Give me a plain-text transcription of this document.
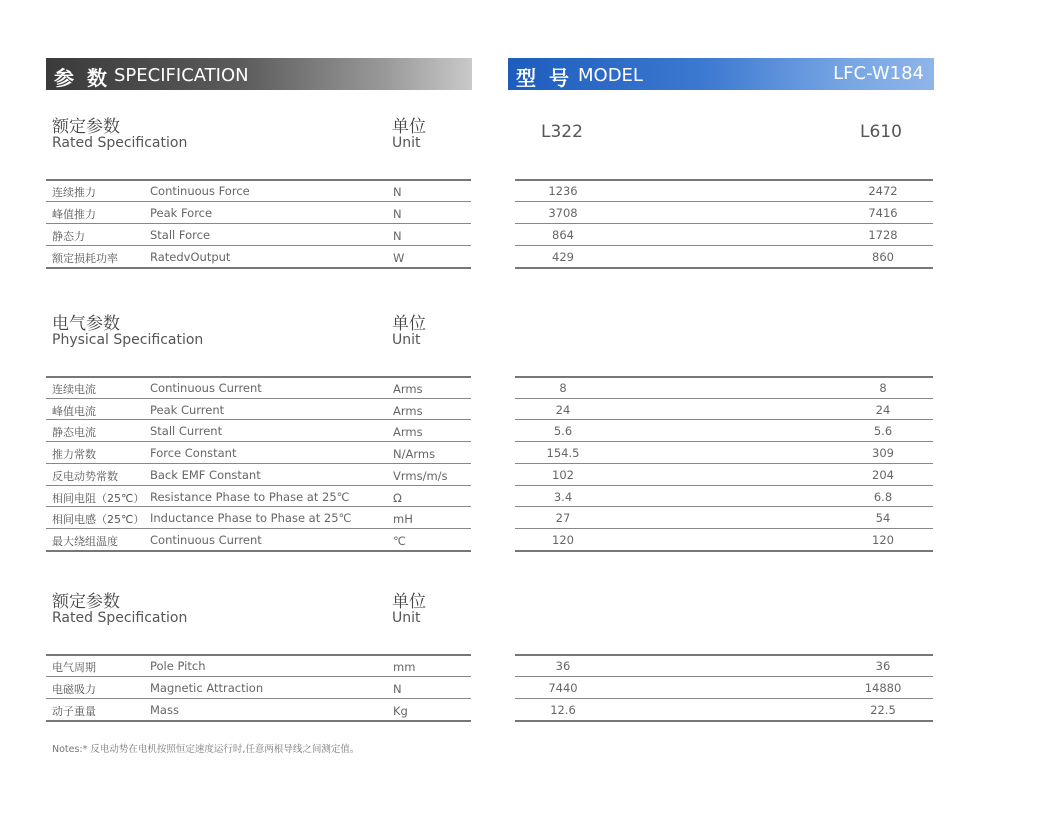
参 数 SPECIFICATION	型 号 MODEL	LFC-W184
L322	L610
额定参数
Rated Specification
单位
Unit
连续推力	Continuous Force	N	1236	2472
峰值推力	Peak Force	N	3708	7416
静态力	Stall Force	N	864	1728
额定损耗功率	RatedvOutput	W	429	860
电气参数
Physical Specification
单位
Unit
连续电流	Continuous Current	Arms	8	8
峰值电流	Peak Current	Arms	24	24
静态电流	Stall Current	Arms	5.6	5.6
推力常数	Force Constant	N/Arms	154.5	309
反电动势常数	Back EMF Constant	Vrms/m/s	102	204
相间电阻（25℃） Resistance Phase to Phase at 25℃	Ω	3.4	6.8
相间电感（25℃） Inductance Phase to Phase at 25℃	mH	27	54
最大绕组温度	Continuous Current	℃	120	120
额定参数
Rated Specification
单位
Unit
电气周期	Pole Pitch	mm	36	36
电磁吸力	Magnetic Attraction	N	7440	14880
动子重量	Mass	Kg	12.6	22.5
Notes:* 反电动势在电机按照恒定速度运行时,任意两根导线之间测定值。
